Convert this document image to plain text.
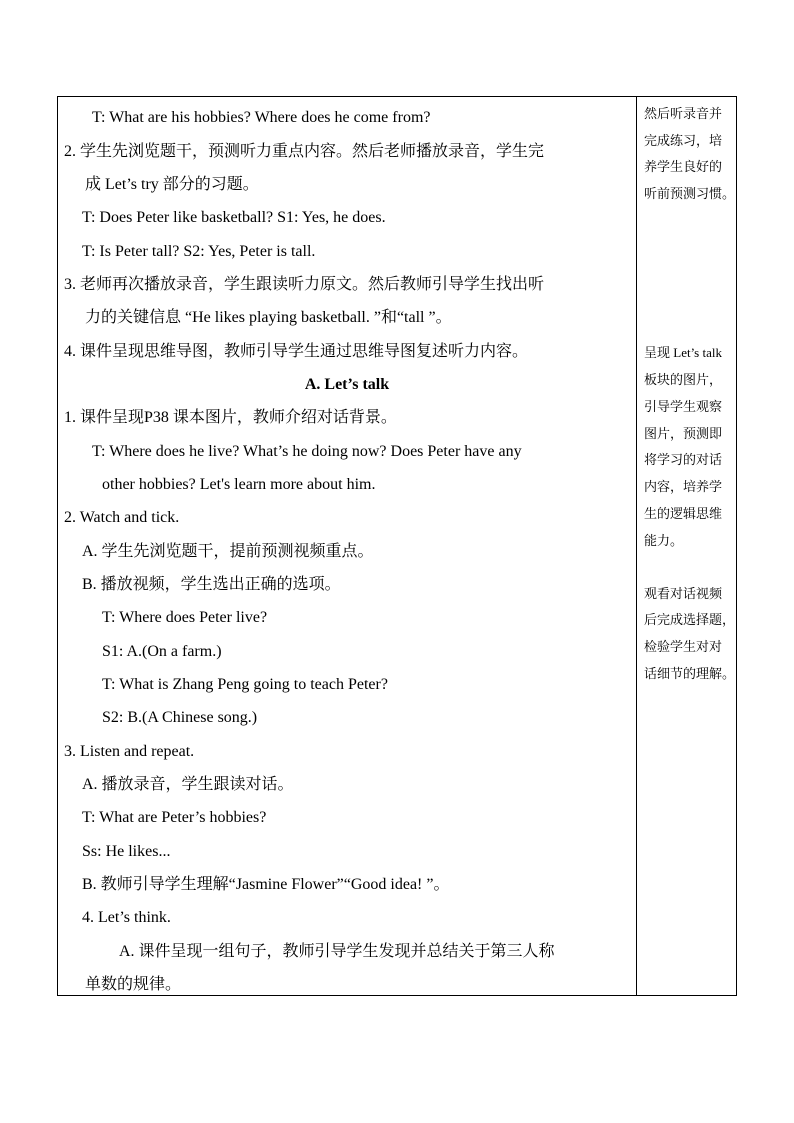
T: What are his hobbies? Where does he come from?
2. 学生先浏览题干，预测听力重点内容。然后老师播放录音，学生完
成 Let’s try 部分的习题。
T: Does Peter like basketball? S1: Yes, he does.
T: Is Peter tall? S2: Yes, Peter is tall.
3. 老师再次播放录音，学生跟读听力原文。然后教师引导学生找出听
力的关键信息 “He likes playing basketball. ”和“tall ”。
4. 课件呈现思维导图，教师引导学生通过思维导图复述听力内容。
A. Let’s talk
1. 课件呈现P38 课本图片，教师介绍对话背景。
T: Where does he live? What’s he doing now? Does Peter have any
other hobbies? Let's learn more about him.
2. Watch and tick.
A. 学生先浏览题干，提前预测视频重点。
B. 播放视频，学生选出正确的选项。
T: Where does Peter live?
S1: A.(On a farm.)
T: What is Zhang Peng going to teach Peter?
S2: B.(A Chinese song.)
3. Listen and repeat.
A. 播放录音，学生跟读对话。
T: What are Peter’s hobbies?
Ss: He likes...
B. 教师引导学生理解“Jasmine Flower”“Good idea! ”。
4. Let’s think.
A. 课件呈现一组句子，教师引导学生发现并总结关于第三人称
单数的规律。
然后听录音并
完成练习，培
养学生良好的
听前预测习惯。
呈现 Let’s talk
板块的图片，
引导学生观察
图片，预测即
将学习的对话
内容，培养学
生的逻辑思维
能力。
观看对话视频
后完成选择题，
检验学生对对
话细节的理解。
